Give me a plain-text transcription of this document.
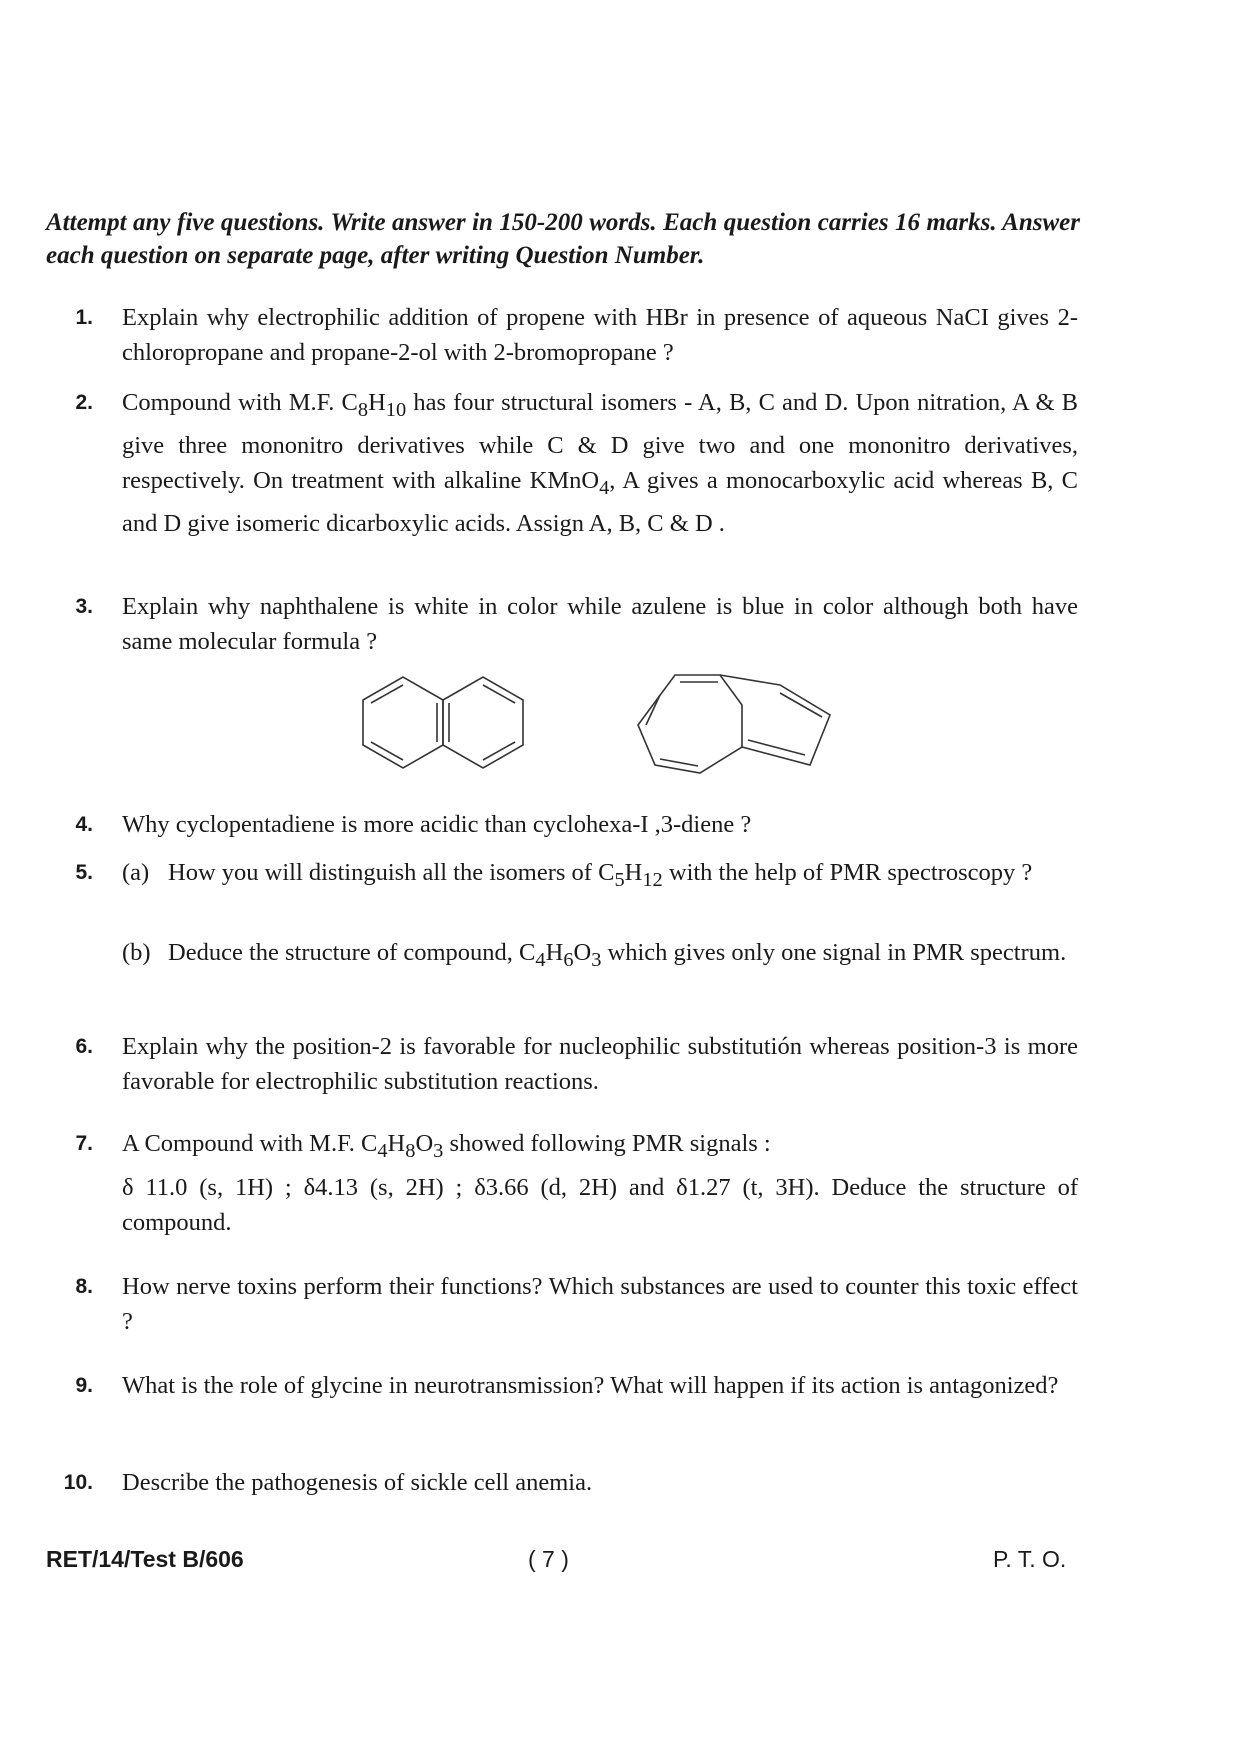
Attempt any five questions. Write answer in 150-200 words. Each question carries 16 marks. Answer each question on separate page, after writing Question Number.
1. Explain why electrophilic addition of propene with HBr in presence of aqueous NaCI gives 2-chloropropane and propane-2-ol with 2-bromopropane ?
2. Compound with M.F. $C_8H_{10}$ has four structural isomers - A, B, C and D. Upon nitration, A & B give three mononitro derivatives while C & D give two and one mononitro derivatives, respectively. On treatment with alkaline KMnO$_4$, A gives a monocarboxylic acid whereas B, C and D give isomeric dicarboxylic acids. Assign A, B, C & D .
3. Explain why naphthalene is white in color while azulene is blue in color although both have same molecular formula ?
4. Why cyclopentadiene is more acidic than cyclohexa-I ,3-diene ?
5. (a) How you will distinguish all the isomers of $C_5H_{12}$ with the help of PMR spectroscopy ?
(b) Deduce the structure of compound, $C_4H_6O_3$ which gives only one signal in PMR spectrum.
6. Explain why the position-2 is favorable for nucleophilic substitutión whereas position-3 is more favorable for electrophilic substitution reactions.
7. A Compound with M.F. $C_4H_8O_3$ showed following PMR signals :
δ 11.0 (s, 1H) ; δ4.13 (s, 2H) ; δ3.66 (d, 2H) and δ1.27 (t, 3H). Deduce the structure of compound.
8. How nerve toxins perform their functions? Which substances are used to counter this toxic effect ?
9. What is the role of glycine in neurotransmission? What will happen if its action is antagonized?
10. Describe the pathogenesis of sickle cell anemia.
RET/14/Test B/606	( 7 )	P. T. O.
